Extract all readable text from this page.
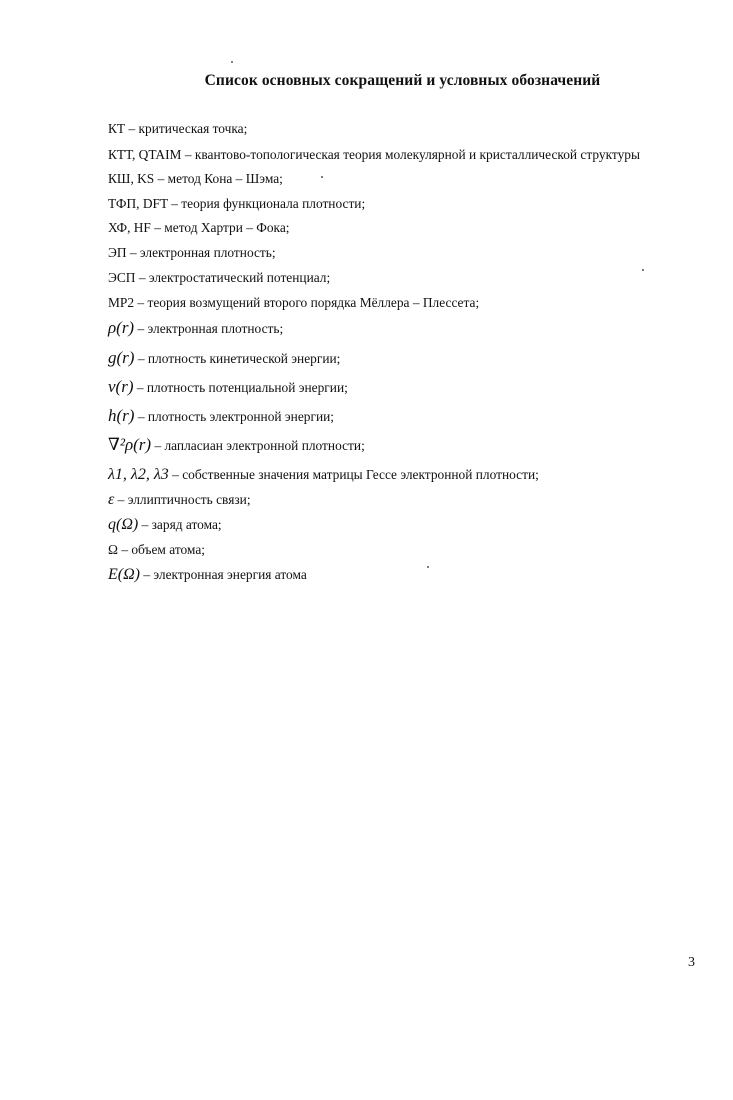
Список основных сокращений и условных обозначений
КТ – критическая точка;
КТТ, QTAIM – квантово-топологическая теория молекулярной и кристаллической структуры
КШ, KS – метод Кона – Шэма;
ТФП, DFT – теория функционала плотности;
ХФ, HF – метод Хартри – Фока;
ЭП – электронная плотность;
ЭСП – электростатический потенциал;
MP2 – теория возмущений второго порядка Мёллера – Плессета;
ρ(r) – электронная плотность;
g(r) – плотность кинетической энергии;
v(r) – плотность потенциальной энергии;
h(r) – плотность электронной энергии;
∇²ρ(r) – лапласиан электронной плотности;
λ1, λ2, λ3 – собственные значения матрицы Гессе электронной плотности;
ε – эллиптичность связи;
q(Ω) – заряд атома;
Ω – объем атома;
E(Ω) – электронная энергия атома
3
